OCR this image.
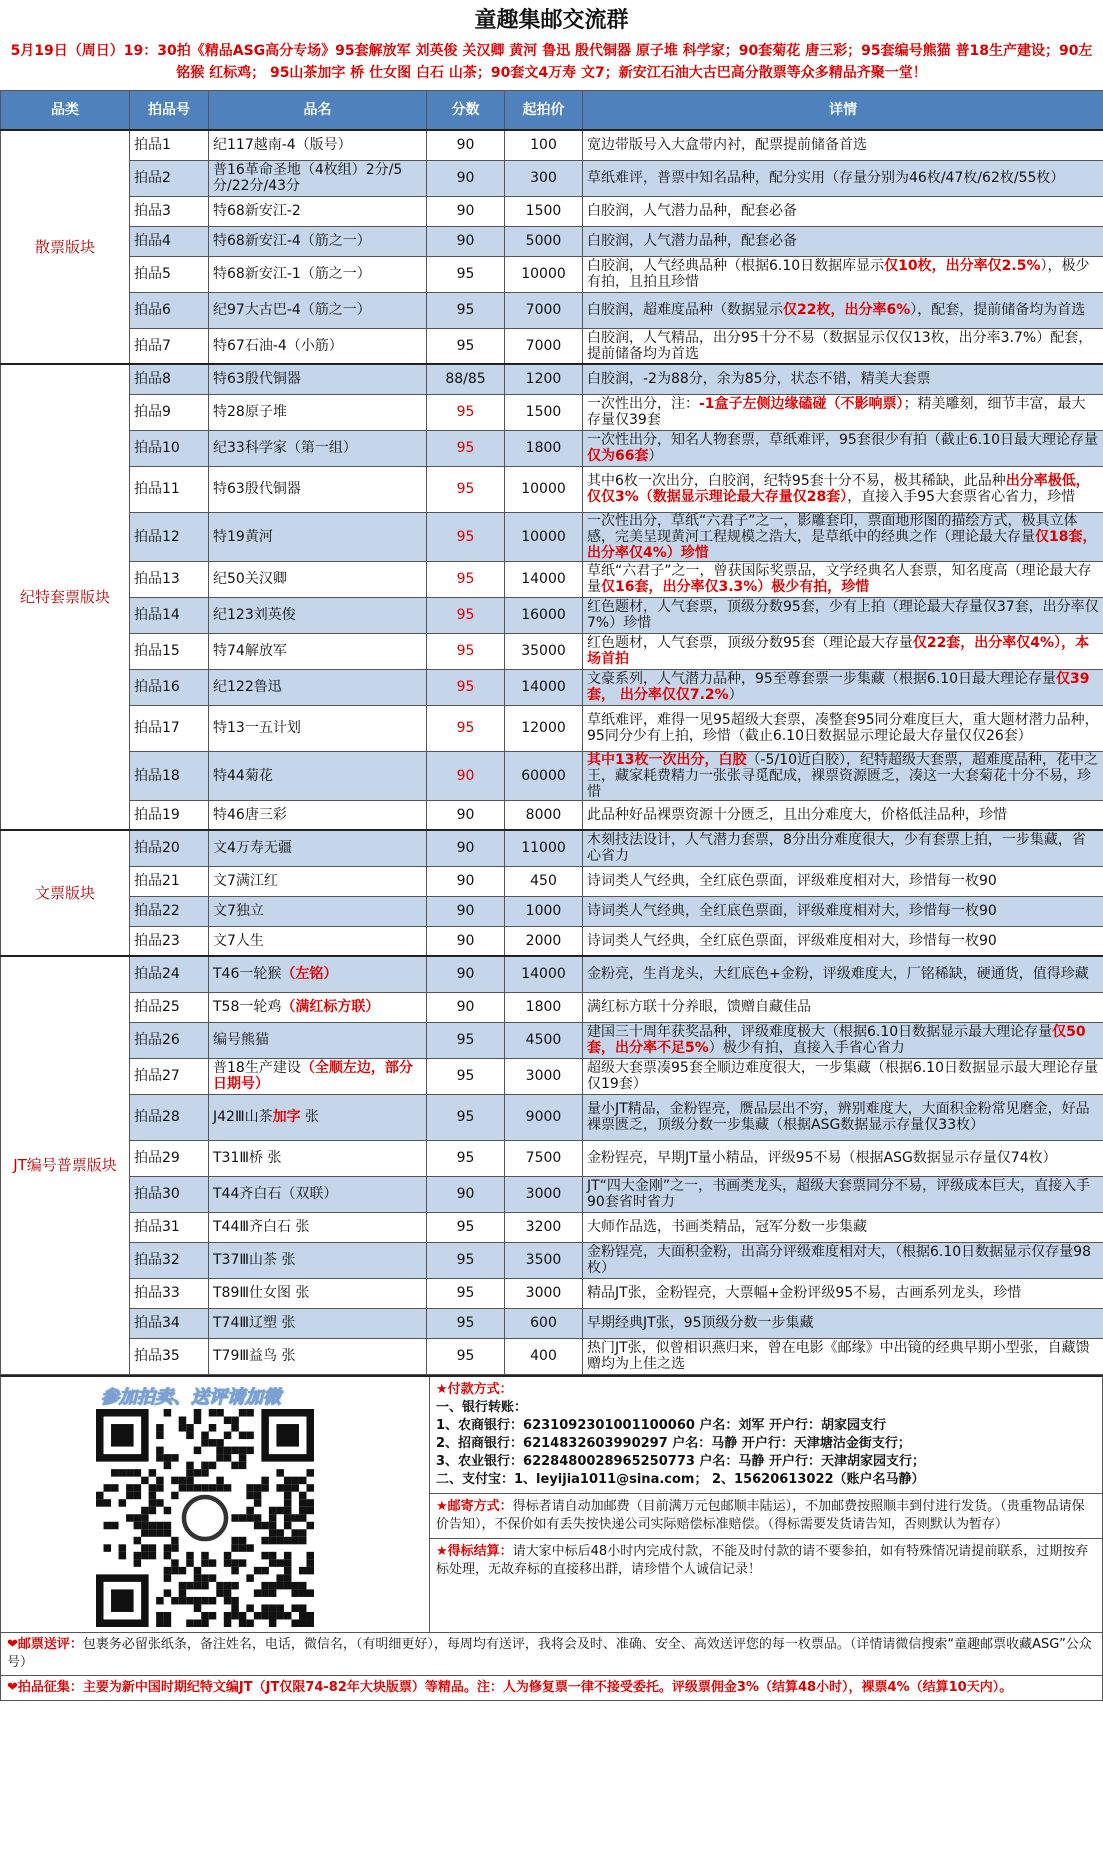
童趣集邮交流群
5月19日（周日）19：30拍《精品ASG高分专场》95套解放军 刘英俊 关汉卿 黄河 鲁迅 殷代铜器 原子堆 科学家；90套菊花 唐三彩；95套编号熊猫 普18生产建设；90左铭猴 红标鸡； 95山茶加字 桥 仕女图 白石 山茶；90套文4万寿 文7；新安江石油大古巴高分散票等众多精品齐聚一堂！
品类	拍品号	品名	分数	起拍价	详情
散票版块	拍品1	纪117越南-4（版号）	90	100	宽边带版号入大盒带内衬，配票提前储备首选
	拍品2	普16革命圣地（4枚组）2分/5分/22分/43分	90	300	草纸难评，普票中知名品种，配分实用（存量分别为46枚/47枚/62枚/55枚）
	拍品3	特68新安江-2	90	1500	白胶润，人气潜力品种，配套必备
	拍品4	特68新安江-4（筋之一）	90	5000	白胶润，人气潜力品种，配套必备
	拍品5	特68新安江-1（筋之一）	95	10000	白胶润，人气经典品种（根据6.10日数据库显示仅10枚，出分率仅2.5%），极少有拍，且拍且珍惜
	拍品6	纪97大古巴-4（筋之一）	95	7000	白胶润，超难度品种（数据显示仅22枚，出分率6%），配套，提前储备均为首选
	拍品7	特67石油-4（小筋）	95	7000	白胶润，人气精品，出分95十分不易（数据显示仅仅13枚，出分率3.7%）配套，提前储备均为首选
纪特套票版块	拍品8	特63殷代铜器	88/85	1200	白胶润，-2为88分，余为85分，状态不错，精美大套票
	拍品9	特28原子堆	95	1500	一次性出分，注：-1盒子左侧边缘磕碰（不影响票）；精美雕刻，细节丰富，最大存量仅39套
	拍品10	纪33科学家（第一组）	95	1800	一次性出分，知名人物套票，草纸难评，95套很少有拍（截止6.10日最大理论存量仅为66套）
	拍品11	特63殷代铜器	95	10000	其中6枚一次出分，白胶润，纪特95套十分不易，极其稀缺，此品种出分率极低，仅仅3%（数据显示理论最大存量仅28套），直接入手95大套票省心省力，珍惜
	拍品12	特19黄河	95	10000	一次性出分，草纸“六君子”之一，影雕套印，票面地形图的描绘方式，极具立体感，完美呈现黄河工程规模之浩大，是草纸中的经典之作（理论最大存量仅18套，出分率仅4%）珍惜
	拍品13	纪50关汉卿	95	14000	草纸“六君子”之一，曾获国际奖票品，文学经典名人套票，知名度高（理论最大存量仅16套，出分率仅3.3%）极少有拍，珍惜
	拍品14	纪123刘英俊	95	16000	红色题材，人气套票，顶级分数95套，少有上拍（理论最大存量仅37套，出分率仅7%）珍惜
	拍品15	特74解放军	95	35000	红色题材，人气套票，顶级分数95套（理论最大存量仅22套，出分率仅4%），本场首拍
	拍品16	纪122鲁迅	95	14000	文豪系列，人气潜力品种，95至尊套票一步集藏（根据6.10日最大理论存量仅39套， 出分率仅仅7.2%）
	拍品17	特13一五计划	95	12000	草纸难评，难得一见95超级大套票，凑整套95同分难度巨大，重大题材潜力品种，95同分少有上拍，珍惜（截止6.10日数据显示理论最大存量仅仅26套）
	拍品18	特44菊花	90	60000	其中13枚一次出分，白胶（-5/10近白胶），纪特超级大套票，超难度品种，花中之王，藏家耗费精力一张张寻觅配成，裸票资源匮乏，凑这一大套菊花十分不易，珍惜
	拍品19	特46唐三彩	90	8000	此品种好品裸票资源十分匮乏，且出分难度大，价格低洼品种，珍惜
文票版块	拍品20	文4万寿无疆	90	11000	木刻技法设计，人气潜力套票，8分出分难度很大，少有套票上拍，一步集藏，省心省力
	拍品21	文7满江红	90	450	诗词类人气经典，全红底色票面，评级难度相对大，珍惜每一枚90
	拍品22	文7独立	90	1000	诗词类人气经典，全红底色票面，评级难度相对大，珍惜每一枚90
	拍品23	文7人生	90	2000	诗词类人气经典，全红底色票面，评级难度相对大，珍惜每一枚90
JT编号普票版块	拍品24	T46一轮猴（左铭）	90	14000	金粉亮，生肖龙头，大红底色+金粉，评级难度大，厂铭稀缺，硬通货，值得珍藏
	拍品25	T58一轮鸡（满红标方联）	90	1800	满红标方联十分养眼，馈赠自藏佳品
	拍品26	编号熊猫	95	4500	建国三十周年获奖品种，评级难度极大（根据6.10日数据显示最大理论存量仅50套，出分率不足5%）极少有拍，直接入手省心省力
	拍品27	普18生产建设（全顺左边，部分日期号）	95	3000	超级大套票凑95套全顺边难度很大，一步集藏（根据6.10日数据显示最大理论存量仅19套）
	拍品28	J42Ⅲ山茶加字 张	95	9000	量小JT精品，金粉锃亮，赝品层出不穷，辨别难度大，大面积金粉常见磨金，好品裸票匮乏，顶级分数一步集藏（根据ASG数据显示存量仅33枚）
	拍品29	T31Ⅲ桥 张	95	7500	金粉锃亮，早期JT量小精品，评级95不易（根据ASG数据显示存量仅74枚）
	拍品30	T44齐白石（双联）	90	3000	JT“四大金刚”之一，书画类龙头，超级大套票同分不易，评级成本巨大，直接入手90套省时省力
	拍品31	T44Ⅲ齐白石 张	95	3200	大师作品选，书画类精品，冠军分数一步集藏
	拍品32	T37Ⅲ山茶 张	95	3500	金粉锃亮，大面积金粉，出高分评级难度相对大，（根据6.10日数据显示仅存量98枚）
	拍品33	T89Ⅲ仕女图 张	95	3000	精品JT张，金粉锃亮，大票幅+金粉评级95不易，古画系列龙头，珍惜
	拍品34	T74Ⅲ辽塑 张	95	600	早期经典JT张，95顶级分数一步集藏
	拍品35	T79Ⅲ益鸟 张	95	400	热门JT张，似曾相识燕归来，曾在电影《邮缘》中出镜的经典早期小型张，自藏馈赠均为上佳之选
参加拍卖、送评请加微	★付款方式：
一、银行转账：
1、农商银行：6231092301001100060 户名：刘军 开户行：胡家园支行
2、招商银行：6214832603990297 户名：马静 开户行：天津塘沽金街支行；
3、农业银行：6228480028965250773 户名：马静 开户行：天津胡家园支行；
二、支付宝：1、leyijia1011@sina.com； 2、15620613022（账户名马静）
★邮寄方式：得标者请自动加邮费（目前满万元包邮顺丰陆运），不加邮费按照顺丰到付进行发货。（贵重物品请保价告知），不保价如有丢失按快递公司实际赔偿标准赔偿。（得标需要发货请告知，否则默认为暂存）
★得标结算：请大家中标后48小时内完成付款，不能及时付款的请不要参拍，如有特殊情况请提前联系，过期按弃标处理，无故弃标的直接移出群，请珍惜个人诚信记录！
❤邮票送评：包裹务必留张纸条，备注姓名，电话，微信名，（有明细更好），每周均有送评，我将会及时、准确、安全、高效送评您的每一枚票品。（详情请微信搜索“童趣邮票收藏ASG”公众号）
❤拍品征集：主要为新中国时期纪特文编JT（JT仅限74-82年大块版票）等精品。注：人为修复票一律不接受委托。评级票佣金3%（结算48小时），裸票4%（结算10天内）。
